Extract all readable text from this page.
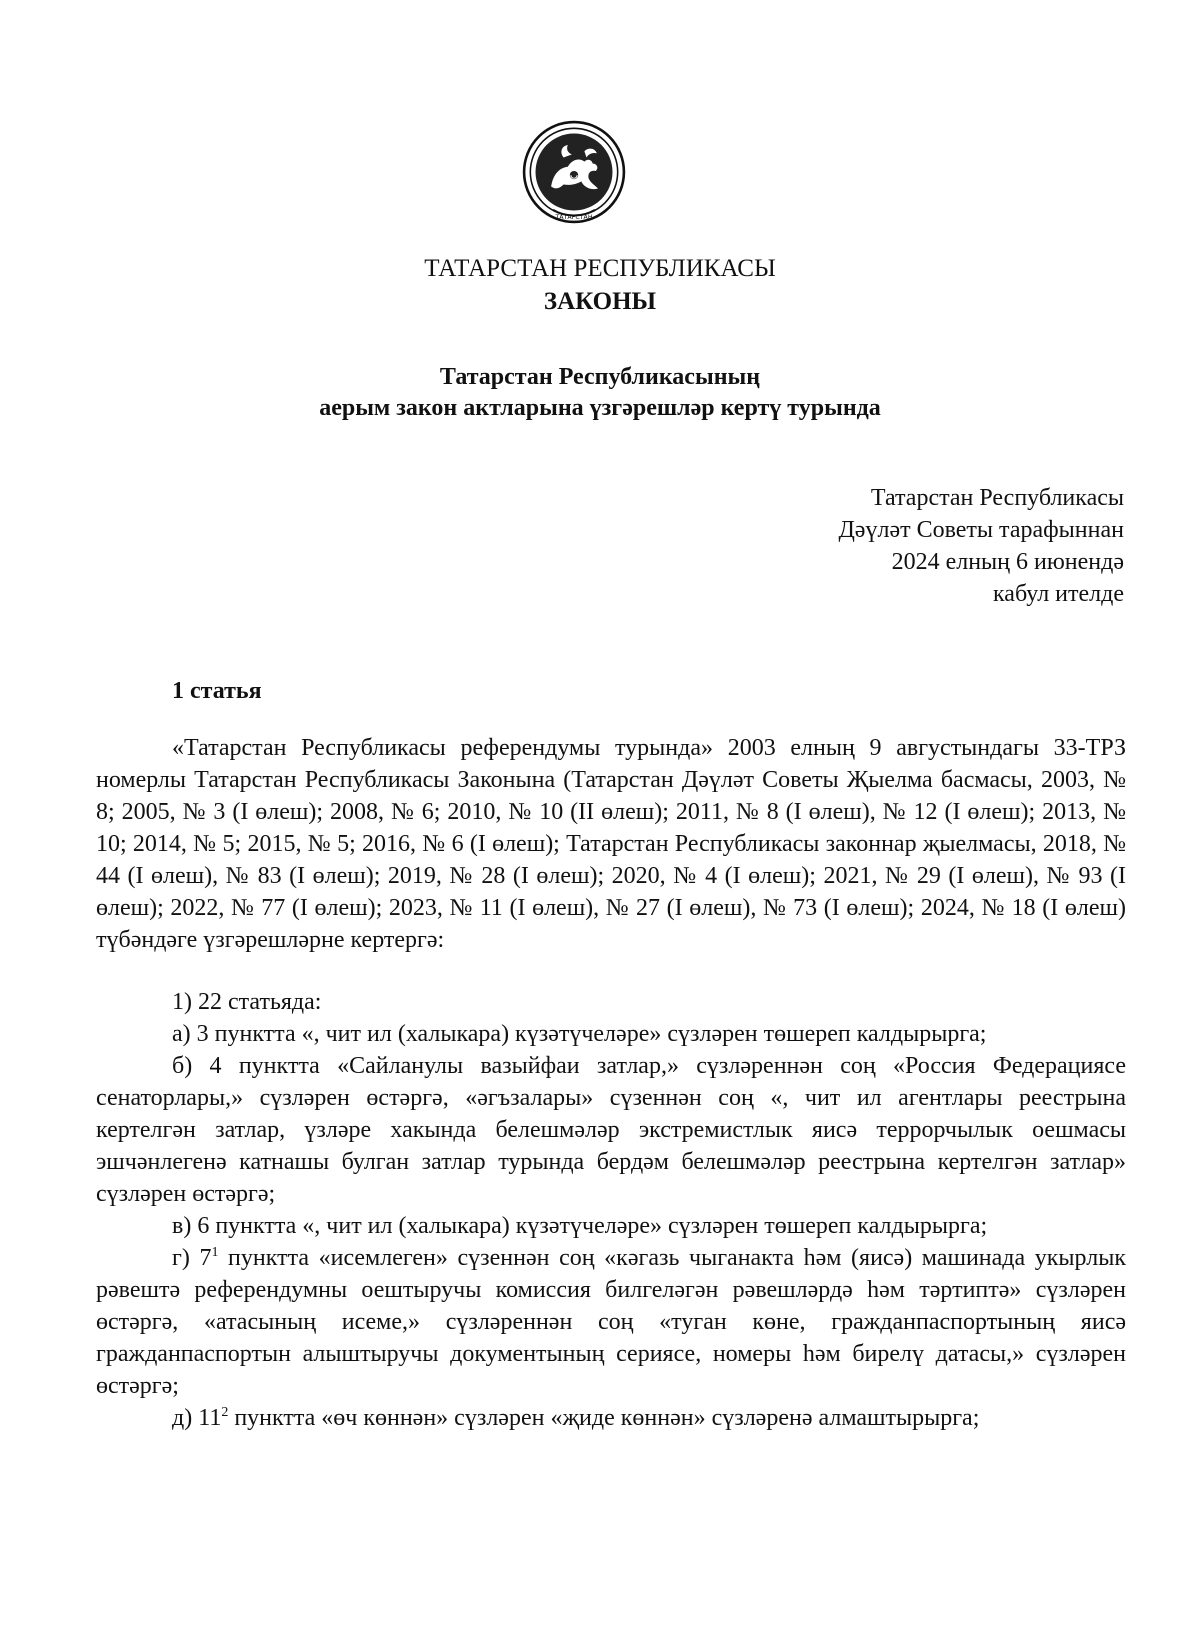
ТАТАРСТАН
ТАТАРСТАН РЕСПУБЛИКАСЫ
ЗАКОНЫ
Татарстан Республикасының
аерым закон актларына үзгәрешләр кертү турында
Татарстан Республикасы
Дәүләт Советы тарафыннан
2024 елның 6 июнендә
кабул ителде
1 статья

«Татарстан Республикасы референдумы турында» 2003 елның 9 августындагы 33-ТРЗ номерлы Татарстан Республикасы Законына (Татарстан Дәүләт Советы Җыелма басмасы, 2003, № 8; 2005, № 3 (I өлеш); 2008, № 6; 2010, № 10 (II өлеш); 2011, № 8 (I өлеш), № 12 (I өлеш); 2013, № 10; 2014, № 5; 2015, № 5; 2016, № 6 (I өлеш); Татарстан Республикасы законнар җыелмасы, 2018, № 44 (I өлеш), № 83 (I өлеш); 2019, № 28 (I өлеш); 2020, № 4 (I өлеш); 2021, № 29 (I өлеш), № 93 (I өлеш); 2022, № 77 (I өлеш); 2023, № 11 (I өлеш), № 27 (I өлеш), № 73 (I өлеш); 2024, № 18 (I өлеш) түбәндәге үзгәрешләрне кертергә:

1) 22 статьяда:

а) 3 пунктта «, чит ил (халыкара) күзәтүчеләре» сүзләрен төшереп калдырырга;

б) 4 пунктта «Сайланулы вазыйфаи затлар,» сүзләреннән соң «Россия Федерациясе сенаторлары,» сүзләрен өстәргә, «әгъзалары» сүзеннән соң «, чит ил агентлары реестрына кертелгән затлар, үзләре хакында белешмәләр экстремистлык яисә террорчылык оешмасы эшчәнлегенә катнашы булган затлар турында бердәм белешмәләр реестрына кертелгән затлар» сүзләрен өстәргә;

в) 6 пунктта «, чит ил (халыкара) күзәтүчеләре» сүзләрен төшереп калдырырга;

г) $7^1$ пунктта «исемлеген» сүзеннән соң «кәгазь чыганакта һәм (яисә) машинада укырлык рәвештә референдумны оештыручы комиссия билгеләгән рәвешләрдә һәм тәртиптә» сүзләрен өстәргә, «атасының исеме,» сүзләреннән соң «туган көне, гражданпаспортының яисә гражданпаспортын алыштыручы документының сериясе, номеры һәм бирелү датасы,» сүзләрен өстәргә;

д) $11^2$ пунктта «өч көннән» сүзләрен «җиде көннән» сүзләренә алмаштырырга;
